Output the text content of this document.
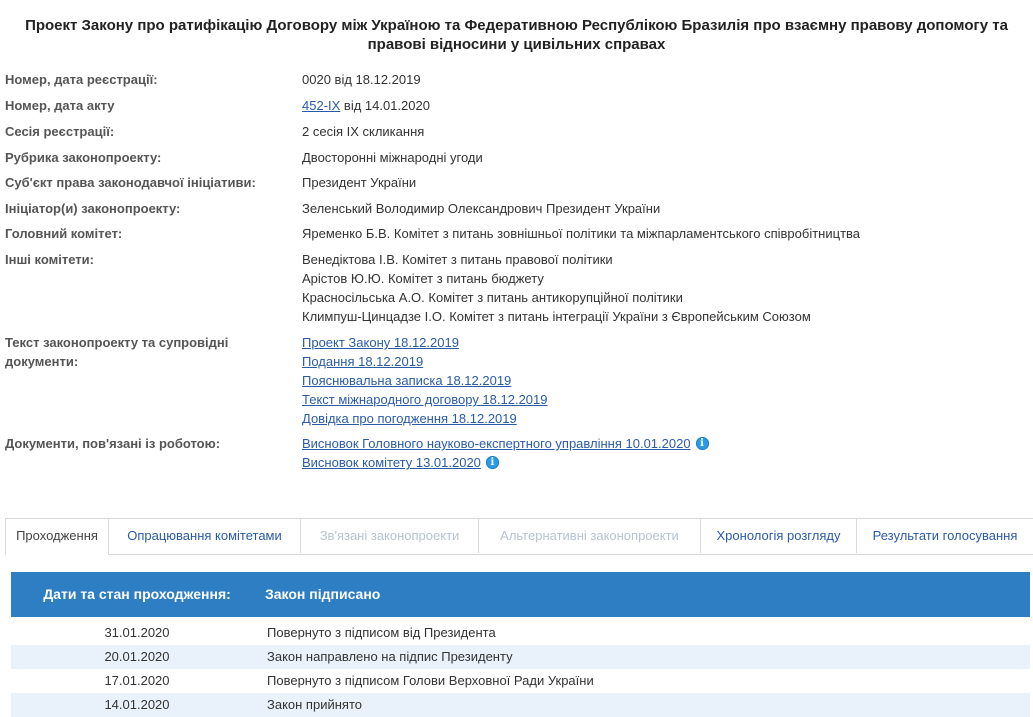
Проект Закону про ратифікацію Договору між Україною та Федеративною Республікою Бразилія про взаємну правову допомогу та правові відносини у цивільних справах
Номер, дата реєстрації:	0020 від 18.12.2019
Номер, дата акту	452-IX від 14.01.2020
Сесія реєстрації:	2 сесія IX скликання
Рубрика законопроекту:	Двосторонні міжнародні угоди
Суб'єкт права законодавчої ініціативи:	Президент України
Ініціатор(и) законопроекту:	Зеленський Володимир Олександрович Президент України
Головний комітет:	Яременко Б.В. Комітет з питань зовнішньої політики та міжпарламентського співробітництва
Інші комітети:	Венедіктова І.В. Комітет з питань правової політики
Арістов Ю.Ю. Комітет з питань бюджету
Красносільська А.О. Комітет з питань антикорупційної політики
Климпуш-Цинцадзе І.О. Комітет з питань інтеграції України з Європейським Союзом
Текст законопроекту та супровідні документи:
Проект Закону 18.12.2019
Подання 18.12.2019
Пояснювальна записка 18.12.2019
Текст міжнародного договору 18.12.2019
Довідка про погодження 18.12.2019
Документи, пов'язані із роботою:	Висновок Головного науково-експертного управління 10.01.2020 i
Висновок комітету 13.01.2020 i
Проходження	Опрацювання комітетами	Зв'язані законопроекти	Альтернативні законопроекти	Хронологія розгляду	Результати голосування
Дати та стан проходження:	Закон підписано
31.01.2020	Повернуто з підписом від Президента
20.01.2020	Закон направлено на підпис Президенту
17.01.2020	Повернуто з підписом Голови Верховної Ради України
14.01.2020	Закон прийнято
